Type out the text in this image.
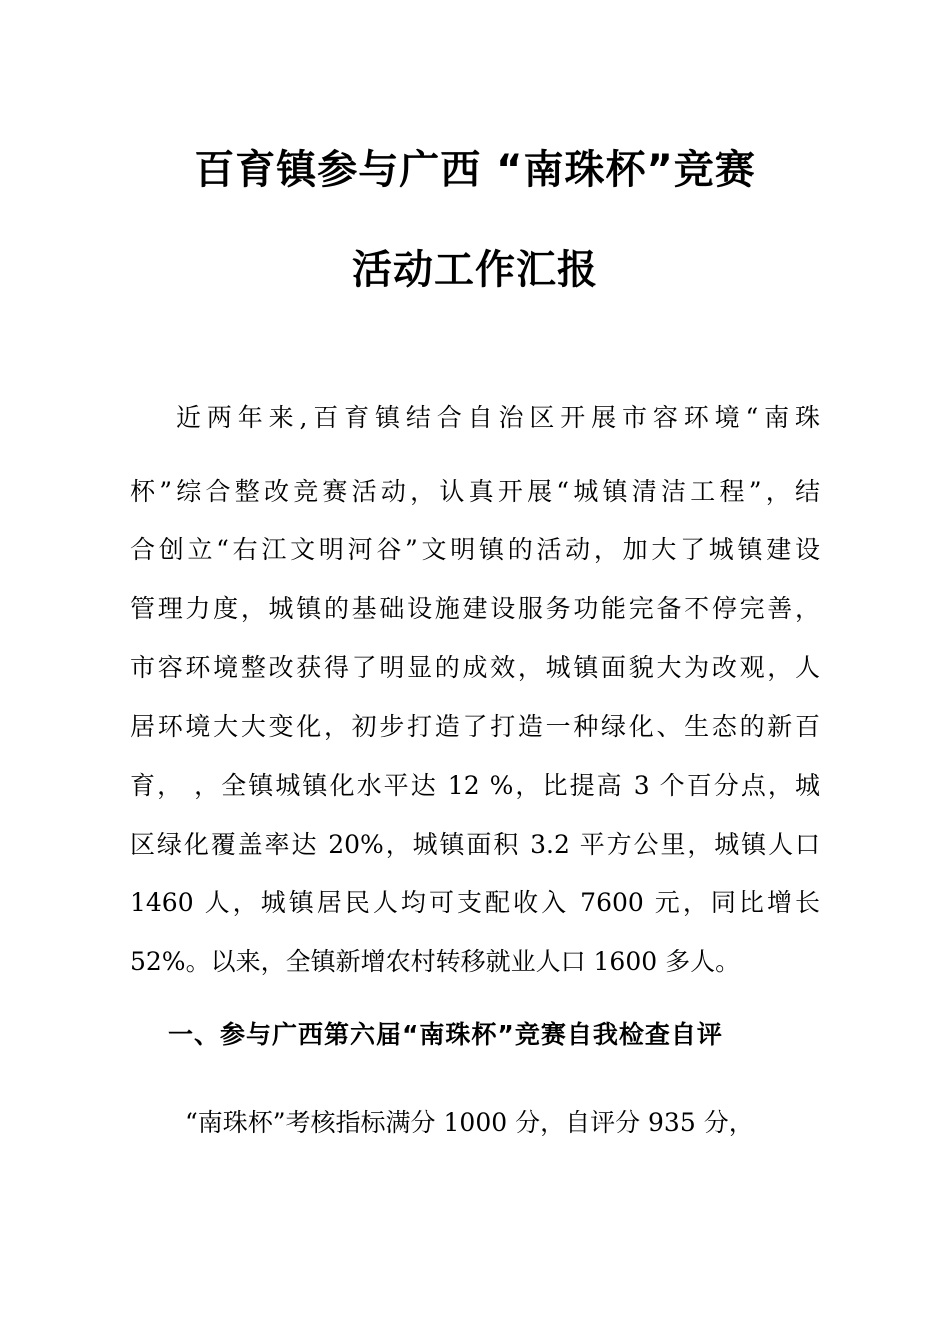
百育镇参与广西 “南珠杯”竞赛
活动工作汇报
近两年来,百育镇结合自治区开展市容环境“南珠
杯”综合整改竞赛活动，认真开展“城镇清洁工程”，结
合创立“右江文明河谷”文明镇的活动，加大了城镇建设
管理力度，城镇的基础设施建设服务功能完备不停完善，
市容环境整改获得了明显的成效，城镇面貌大为改观，人
居环境大大变化，初步打造了打造一种绿化、生态的新百
育， ，全镇城镇化水平达 12 %，比提高 3 个百分点，城
区绿化覆盖率达 20%，城镇面积 3.2 平方公里，城镇人口
1460 人，城镇居民人均可支配收入 7600 元，同比增长
52%。以来，全镇新增农村转移就业人口 1600 多人。
一、参与广西第六届“南珠杯”竞赛自我检查自评
“南珠杯”考核指标满分 1000 分，自评分 935 分，
